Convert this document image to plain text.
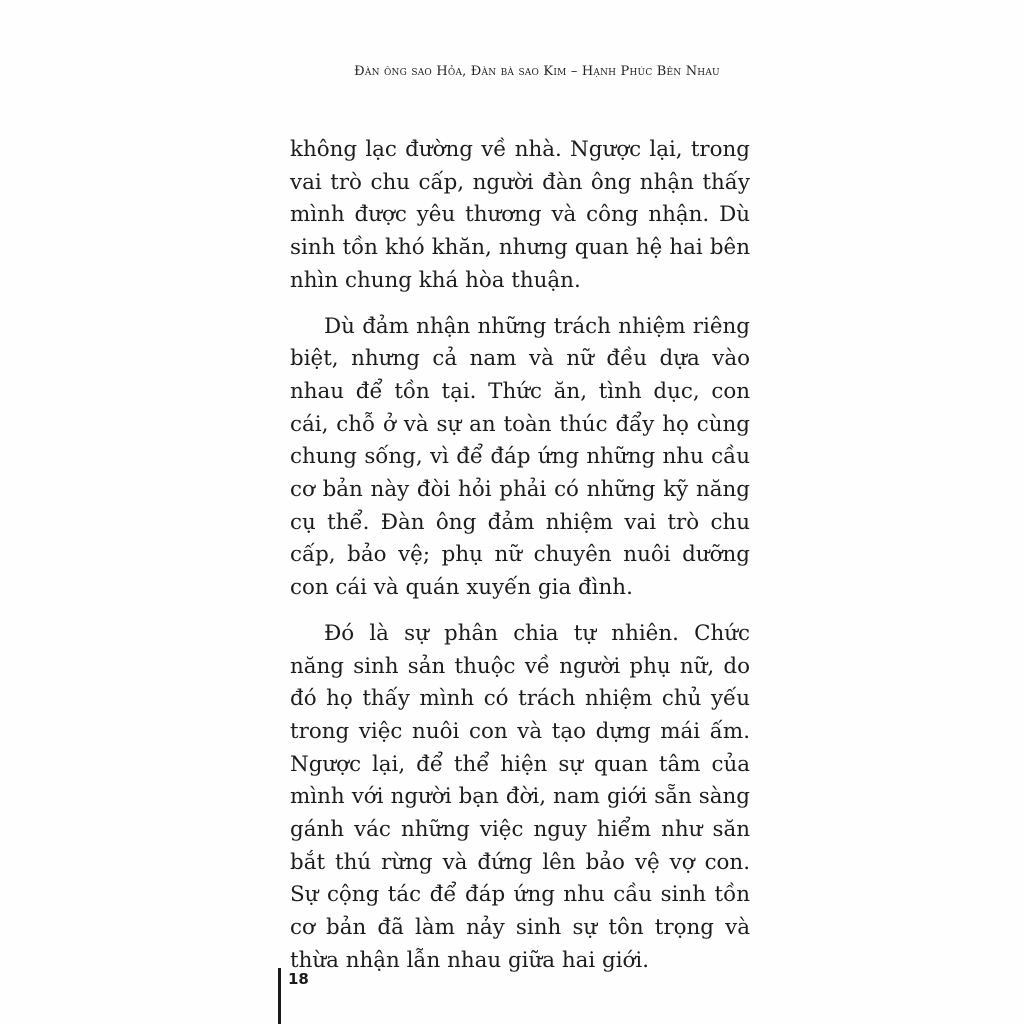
Đàn ông sao Hỏa, Đàn bà sao Kim – Hạnh Phúc Bên Nhau

không lạc đường về nhà. Ngược lại, trong vai trò chu cấp, người đàn ông nhận thấy mình được yêu thương và công nhận. Dù sinh tồn khó khăn, nhưng quan hệ hai bên nhìn chung khá hòa thuận.

Dù đảm nhận những trách nhiệm riêng biệt, nhưng cả nam và nữ đều dựa vào nhau để tồn tại. Thức ăn, tình dục, con cái, chỗ ở và sự an toàn thúc đẩy họ cùng chung sống, vì để đáp ứng những nhu cầu cơ bản này đòi hỏi phải có những kỹ năng cụ thể. Đàn ông đảm nhiệm vai trò chu cấp, bảo vệ; phụ nữ chuyên nuôi dưỡng con cái và quán xuyến gia đình.

Đó là sự phân chia tự nhiên. Chức năng sinh sản thuộc về người phụ nữ, do đó họ thấy mình có trách nhiệm chủ yếu trong việc nuôi con và tạo dựng mái ấm. Ngược lại, để thể hiện sự quan tâm của mình với người bạn đời, nam giới sẵn sàng gánh vác những việc nguy hiểm như săn bắt thú rừng và đứng lên bảo vệ vợ con. Sự cộng tác để đáp ứng nhu cầu sinh tồn cơ bản đã làm nảy sinh sự tôn trọng và thừa nhận lẫn nhau giữa hai giới.

18
